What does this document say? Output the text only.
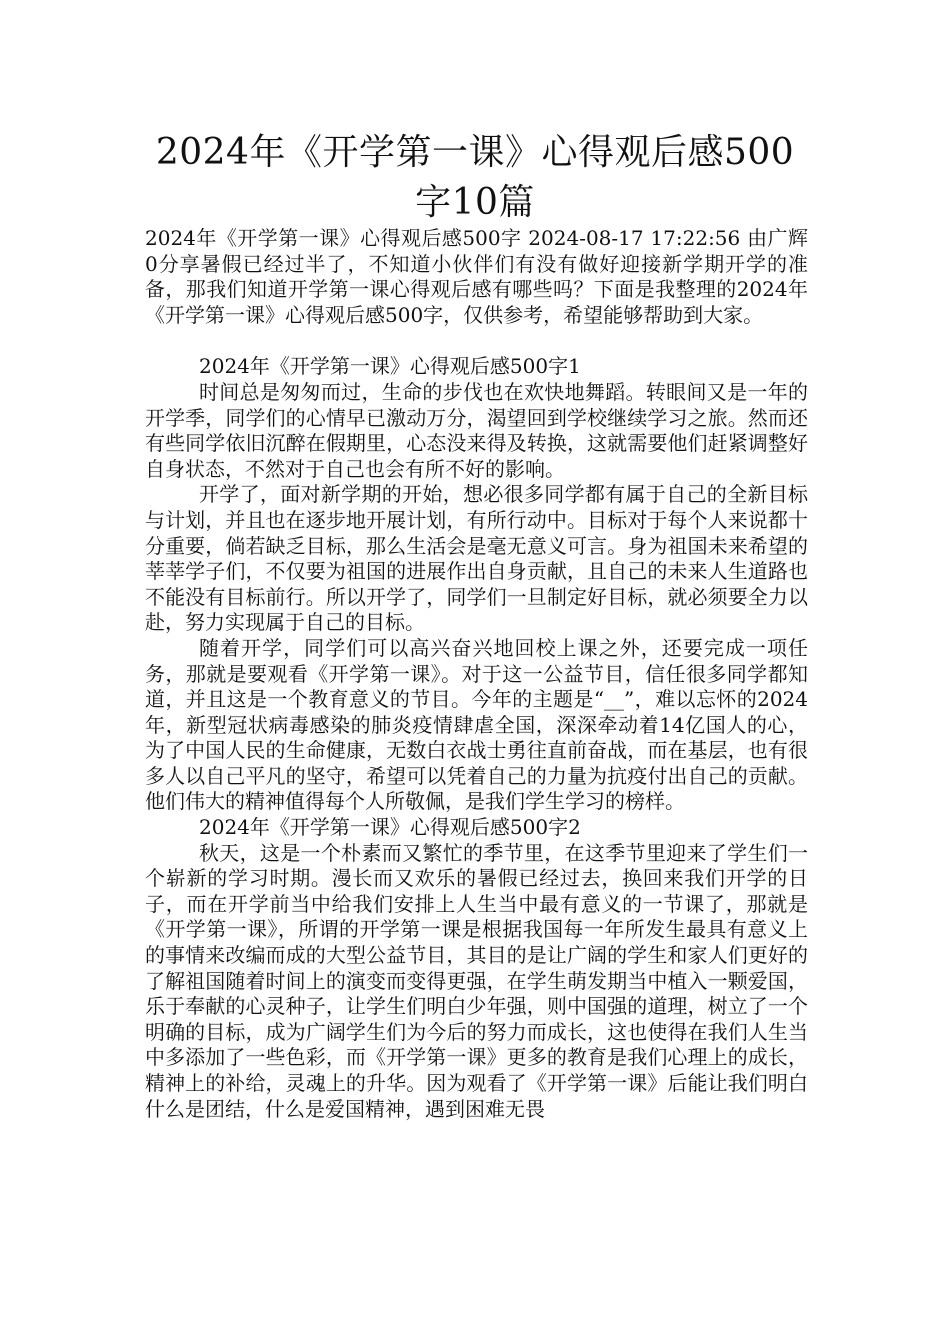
2024年《开学第一课》心得观后感500字10篇

2024年《开学第一课》心得观后感500字 2024-08-17 17:22:56 由广辉0分享暑假已经过半了，不知道小伙伴们有没有做好迎接新学期开学的准备，那我们知道开学第一课心得观后感有哪些吗？下面是我整理的2024年《开学第一课》心得观后感500字，仅供参考，希望能够帮助到大家。

2024年《开学第一课》心得观后感500字1

时间总是匆匆而过，生命的步伐也在欢快地舞蹈。转眼间又是一年的开学季，同学们的心情早已激动万分，渴望回到学校继续学习之旅。然而还有些同学依旧沉醉在假期里，心态没来得及转换，这就需要他们赶紧调整好自身状态，不然对于自己也会有所不好的影响。

开学了，面对新学期的开始，想必很多同学都有属于自己的全新目标与计划，并且也在逐步地开展计划，有所行动中。目标对于每个人来说都十分重要，倘若缺乏目标，那么生活会是毫无意义可言。身为祖国未来希望的莘莘学子们，不仅要为祖国的进展作出自身贡献，且自己的未来人生道路也不能没有目标前行。所以开学了，同学们一旦制定好目标，就必须要全力以赴，努力实现属于自己的目标。

随着开学，同学们可以高兴奋兴地回校上课之外，还要完成一项任务，那就是要观看《开学第一课》。对于这一公益节目，信任很多同学都知道，并且这是一个教育意义的节目。今年的主题是“__”，难以忘怀的2024年，新型冠状病毒感染的肺炎疫情肆虐全国，深深牵动着14亿国人的心，为了中国人民的生命健康，无数白衣战士勇往直前奋战，而在基层，也有很多人以自己平凡的坚守，希望可以凭着自己的力量为抗疫付出自己的贡献。他们伟大的精神值得每个人所敬佩，是我们学生学习的榜样。

2024年《开学第一课》心得观后感500字2

秋天，这是一个朴素而又繁忙的季节里，在这季节里迎来了学生们一个崭新的学习时期。漫长而又欢乐的暑假已经过去，换回来我们开学的日子，而在开学前当中给我们安排上人生当中最有意义的一节课了，那就是《开学第一课》，所谓的开学第一课是根据我国每一年所发生最具有意义上的事情来改编而成的大型公益节目，其目的是让广阔的学生和家人们更好的了解祖国随着时间上的演变而变得更强，在学生萌发期当中植入一颗爱国，乐于奉献的心灵种子，让学生们明白少年强，则中国强的道理，树立了一个明确的目标，成为广阔学生们为今后的努力而成长，这也使得在我们人生当中多添加了一些色彩，而《开学第一课》更多的教育是我们心理上的成长，精神上的补给，灵魂上的升华。因为观看了《开学第一课》后能让我们明白什么是团结，什么是爱国精神，遇到困难无畏
